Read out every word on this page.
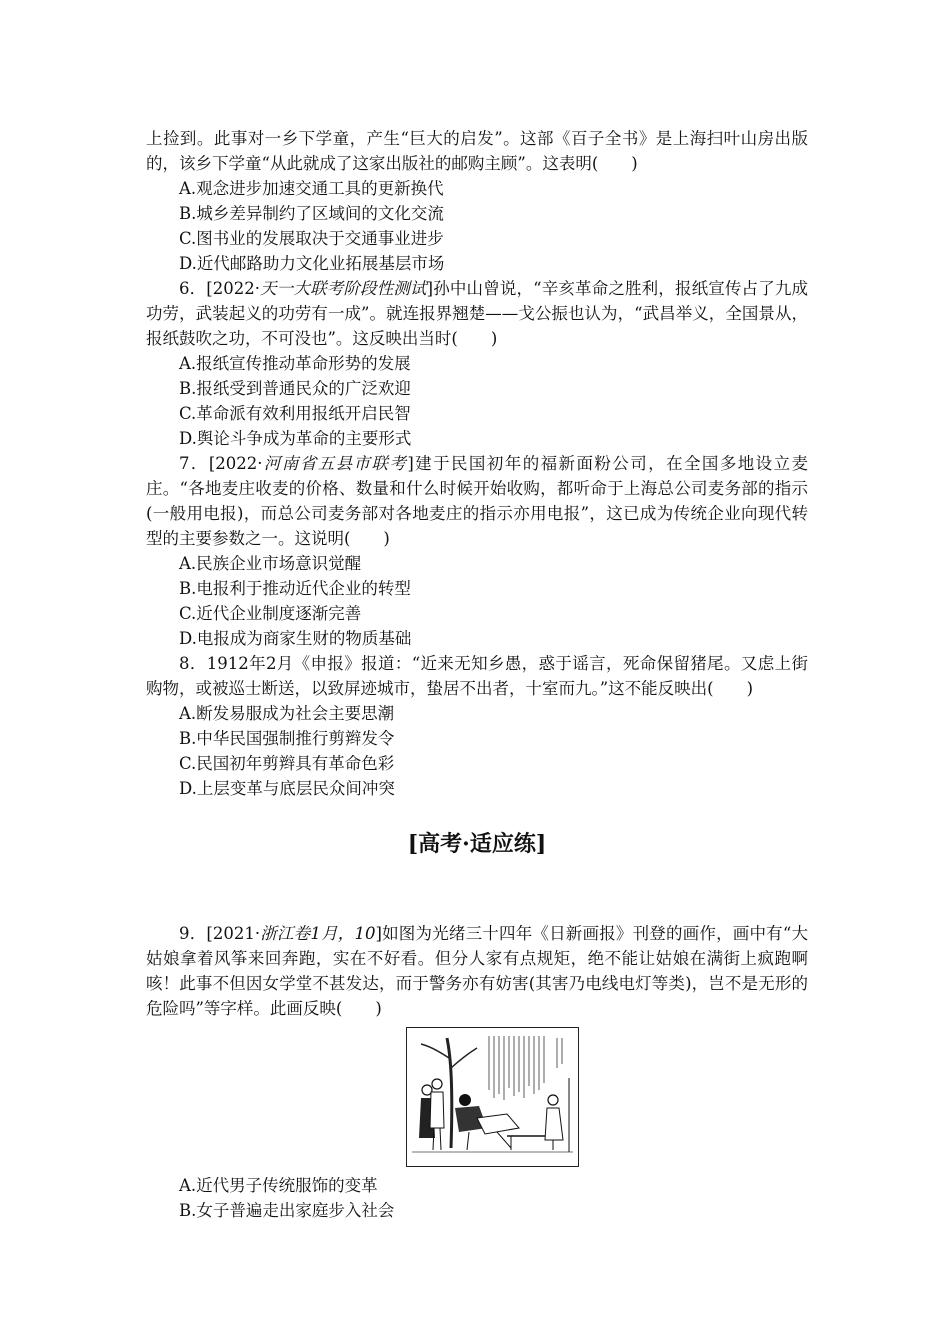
上捡到。此事对一乡下学童，产生“巨大的启发”。这部《百子全书》是上海扫叶山房出版的，该乡下学童“从此就成了这家出版社的邮购主顾”。这表明(　　)

A.观念进步加速交通工具的更新换代

B.城乡差异制约了区域间的文化交流

C.图书业的发展取决于交通事业进步

D.近代邮路助力文化业拓展基层市场

6．[2022·天一大联考阶段性测试]孙中山曾说，“辛亥革命之胜利，报纸宣传占了九成功劳，武装起义的功劳有一成”。就连报界翘楚——戈公振也认为，“武昌举义，全国景从，报纸鼓吹之功，不可没也”。这反映出当时(　　)

A.报纸宣传推动革命形势的发展

B.报纸受到普通民众的广泛欢迎

C.革命派有效利用报纸开启民智

D.舆论斗争成为革命的主要形式

7．[2022·河南省五县市联考]建于民国初年的福新面粉公司，在全国多地设立麦庄。“各地麦庄收麦的价格、数量和什么时候开始收购，都听命于上海总公司麦务部的指示(一般用电报)，而总公司麦务部对各地麦庄的指示亦用电报”，这已成为传统企业向现代转型的主要参数之一。这说明(　　)

A.民族企业市场意识觉醒

B.电报利于推动近代企业的转型

C.近代企业制度逐渐完善

D.电报成为商家生财的物质基础

8．1912年2月《申报》报道：“近来无知乡愚，惑于谣言，死命保留猪尾。又虑上街购物，或被巡士断送，以致屏迹城市，蛰居不出者，十室而九。”这不能反映出(　　)

A.断发易服成为社会主要思潮

B.中华民国强制推行剪辫发令

C.民国初年剪辫具有革命色彩

D.上层变革与底层民众间冲突

[高考·适应练]

9．[2021·浙江卷1月，10]如图为光绪三十四年《日新画报》刊登的画作，画中有“大姑娘拿着风筝来回奔跑，实在不好看。但分人家有点规矩，绝不能让姑娘在满街上疯跑啊咳！此事不但因女学堂不甚发达，而于警务亦有妨害(其害乃电线电灯等类)，岂不是无形的危险吗”等字样。此画反映(　　)

A.近代男子传统服饰的变革

B.女子普遍走出家庭步入社会
